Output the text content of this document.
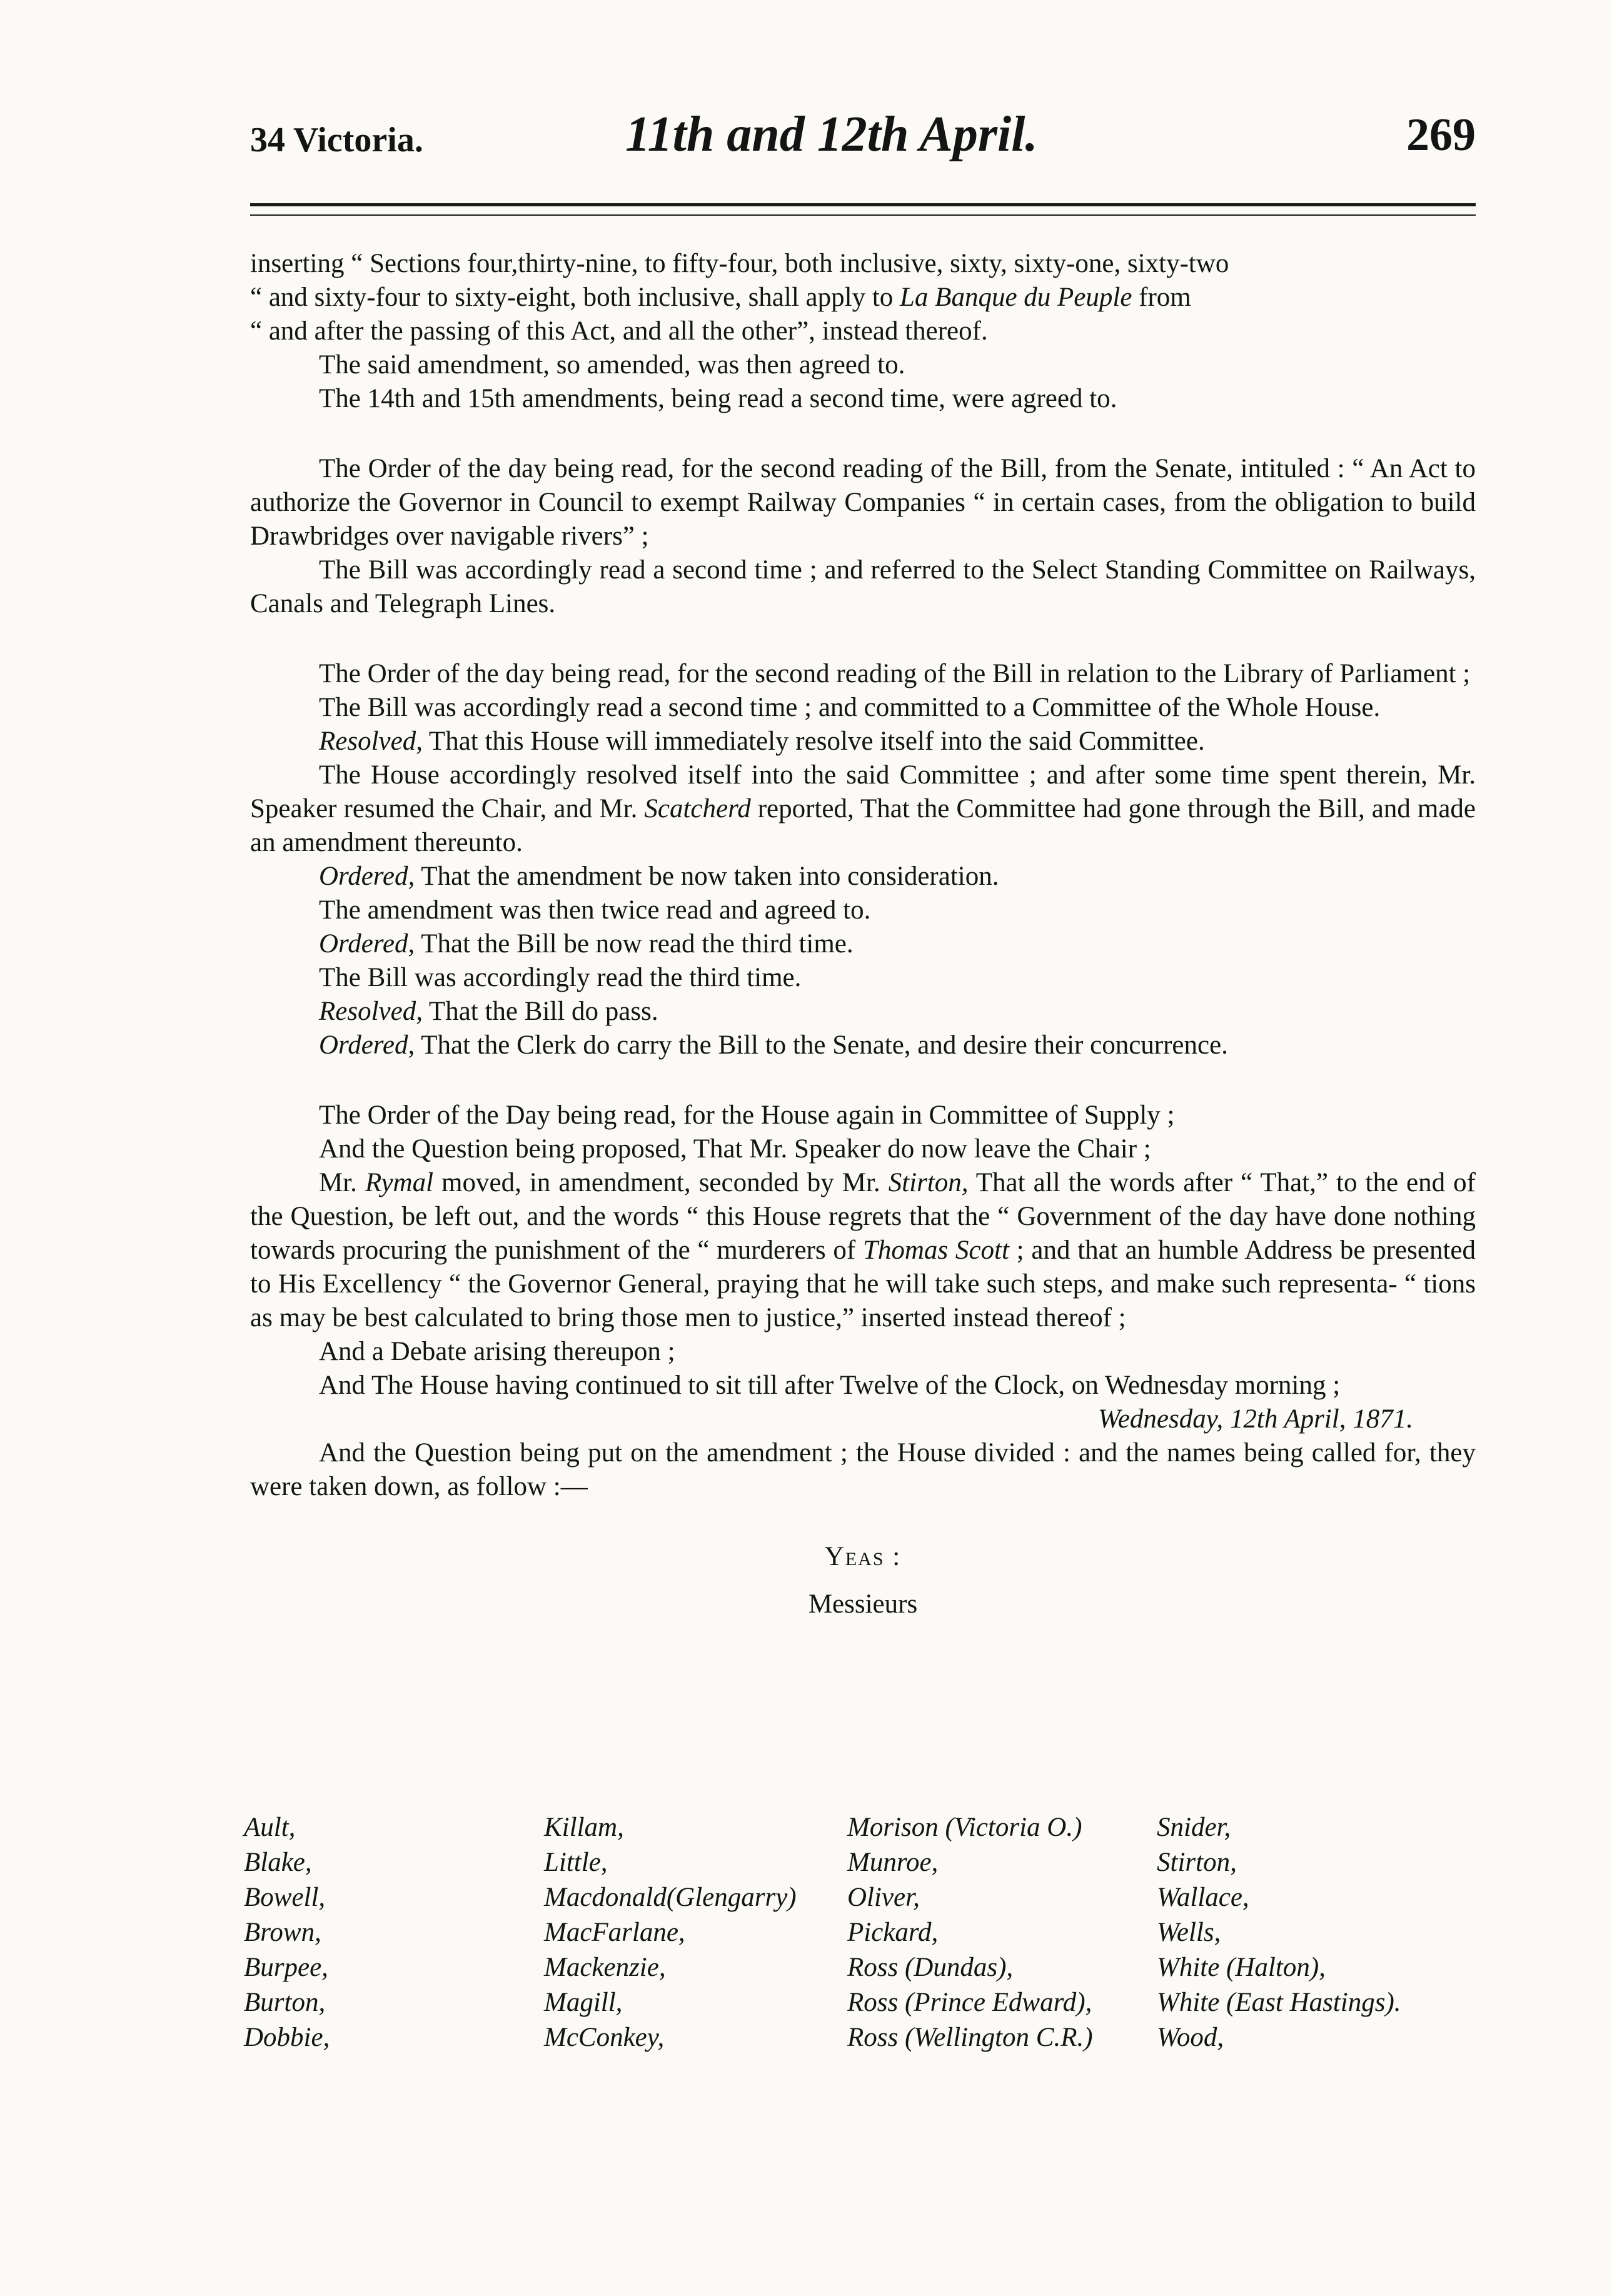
34 Victoria.	11th and 12th April.	269

inserting “ Sections four,thirty-nine, to fifty-four, both inclusive, sixty, sixty-one, sixty-two

“ and sixty-four to sixty-eight, both inclusive, shall apply to La Banque du Peuple from

“ and after the passing of this Act, and all the other”, instead thereof.

The said amendment, so amended, was then agreed to.

The 14th and 15th amendments, being read a second time, were agreed to.

The Order of the day being read, for the second reading of the Bill, from the Senate, intituled : “ An Act to authorize the Governor in Council to exempt Railway Companies “ in certain cases, from the obligation to build Drawbridges over navigable rivers” ;

The Bill was accordingly read a second time ; and referred to the Select Standing Committee on Railways, Canals and Telegraph Lines.

The Order of the day being read, for the second reading of the Bill in relation to the Library of Parliament ;

The Bill was accordingly read a second time ; and committed to a Committee of the Whole House.

Resolved, That this House will immediately resolve itself into the said Committee.

The House accordingly resolved itself into the said Committee ; and after some time spent therein, Mr. Speaker resumed the Chair, and Mr. Scatcherd reported, That the Committee had gone through the Bill, and made an amendment thereunto.

Ordered, That the amendment be now taken into consideration.

The amendment was then twice read and agreed to.

Ordered, That the Bill be now read the third time.

The Bill was accordingly read the third time.

Resolved, That the Bill do pass.

Ordered, That the Clerk do carry the Bill to the Senate, and desire their concurrence.

The Order of the Day being read, for the House again in Committee of Supply ;

And the Question being proposed, That Mr. Speaker do now leave the Chair ;

Mr. Rymal moved, in amendment, seconded by Mr. Stirton, That all the words after “ That,” to the end of the Question, be left out, and the words “ this House regrets that the “ Government of the day have done nothing towards procuring the punishment of the “ murderers of Thomas Scott ; and that an humble Address be presented to His Excellency “ the Governor General, praying that he will take such steps, and make such representa- “ tions as may be best calculated to bring those men to justice,” inserted instead thereof ;

And a Debate arising thereupon ;

And The House having continued to sit till after Twelve of the Clock, on Wednesday morning ;

Wednesday, 12th April, 1871.

And the Question being put on the amendment ; the House divided : and the names being called for, they were taken down, as follow :—

Yeas :

Messieurs

Ault,
Blake,
Bowell,
Brown,
Burpee,
Burton,
Dobbie,
Killam,
Little,
Macdonald(Glengarry)
MacFarlane,
Mackenzie,
Magill,
McConkey,
Morison (Victoria O.)
Munroe,
Oliver,
Pickard,
Ross (Dundas),
Ross (Prince Edward),
Ross (Wellington C.R.)
Snider,
Stirton,
Wallace,
Wells,
White (Halton),
White (East Hastings).
Wood,
